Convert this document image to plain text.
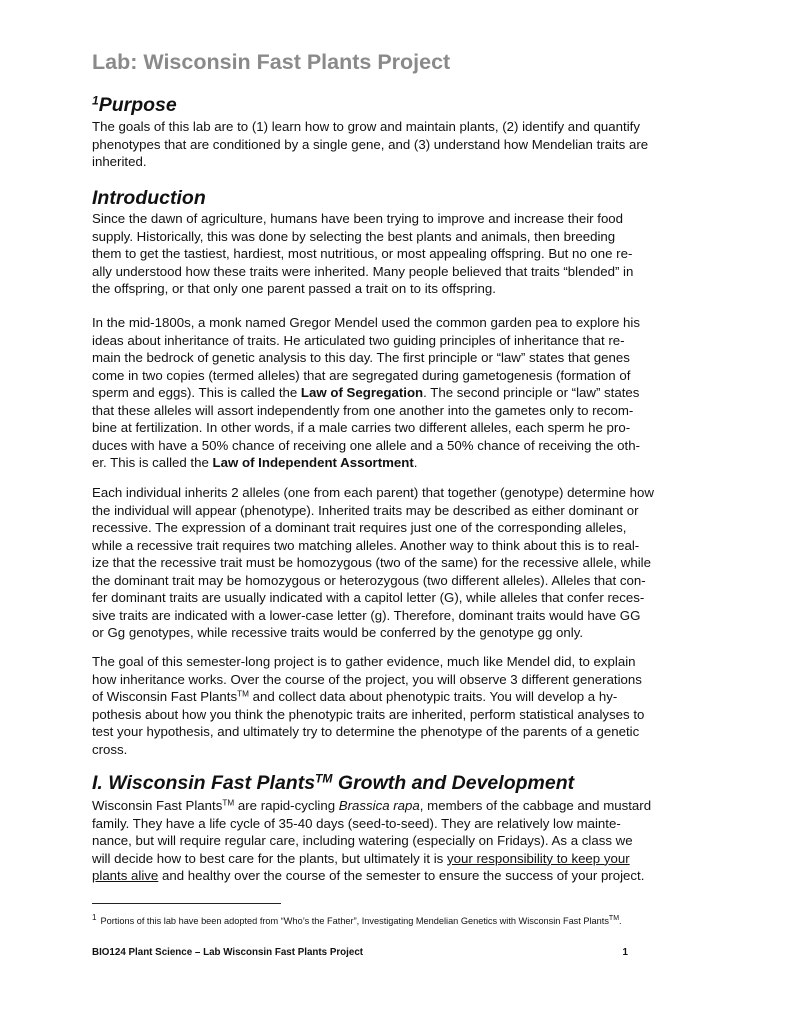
Lab: Wisconsin Fast Plants Project
$^1$Purpose

The goals of this lab are to (1) learn how to grow and maintain plants, (2) identify and quantify
phenotypes that are conditioned by a single gene, and (3) understand how Mendelian traits are
inherited.

Introduction

Since the dawn of agriculture, humans have been trying to improve and increase their food
supply. Historically, this was done by selecting the best plants and animals, then breeding
them to get the tastiest, hardiest, most nutritious, or most appealing offspring. But no one re-
ally understood how these traits were inherited. Many people believed that traits “blended” in
the offspring, or that only one parent passed a trait on to its offspring.

In the mid-1800s, a monk named Gregor Mendel used the common garden pea to explore his
ideas about inheritance of traits. He articulated two guiding principles of inheritance that re-
main the bedrock of genetic analysis to this day. The first principle or “law” states that genes
come in two copies (termed alleles) that are segregated during gametogenesis (formation of
sperm and eggs). This is called the Law of Segregation. The second principle or “law” states
that these alleles will assort independently from one another into the gametes only to recom-
bine at fertilization. In other words, if a male carries two different alleles, each sperm he pro-
duces with have a 50% chance of receiving one allele and a 50% chance of receiving the oth-
er. This is called the Law of Independent Assortment.

Each individual inherits 2 alleles (one from each parent) that together (genotype) determine how
the individual will appear (phenotype). Inherited traits may be described as either dominant or
recessive. The expression of a dominant trait requires just one of the corresponding alleles,
while a recessive trait requires two matching alleles. Another way to think about this is to real-
ize that the recessive trait must be homozygous (two of the same) for the recessive allele, while
the dominant trait may be homozygous or heterozygous (two different alleles). Alleles that con-
fer dominant traits are usually indicated with a capitol letter (G), while alleles that confer reces-
sive traits are indicated with a lower-case letter (g). Therefore, dominant traits would have GG
or Gg genotypes, while recessive traits would be conferred by the genotype gg only.

The goal of this semester-long project is to gather evidence, much like Mendel did, to explain
how inheritance works. Over the course of the project, you will observe 3 different generations
of Wisconsin Fast Plants™ and collect data about phenotypic traits. You will develop a hy-
pothesis about how you think the phenotypic traits are inherited, perform statistical analyses to
test your hypothesis, and ultimately try to determine the phenotype of the parents of a genetic
cross.

I. Wisconsin Fast Plants™ Growth and Development

Wisconsin Fast Plants™ are rapid-cycling Brassica rapa, members of the cabbage and mustard
family. They have a life cycle of 35-40 days (seed-to-seed). They are relatively low mainte-
nance, but will require regular care, including watering (especially on Fridays). As a class we
will decide how to best care for the plants, but ultimately it is your responsibility to keep your
plants alive and healthy over the course of the semester to ensure the success of your project.

1 Portions of this lab have been adopted from “Who’s the Father”, Investigating Mendelian Genetics with Wisconsin Fast Plants™.
BIO124 Plant Science – Lab Wisconsin Fast Plants Project	1
